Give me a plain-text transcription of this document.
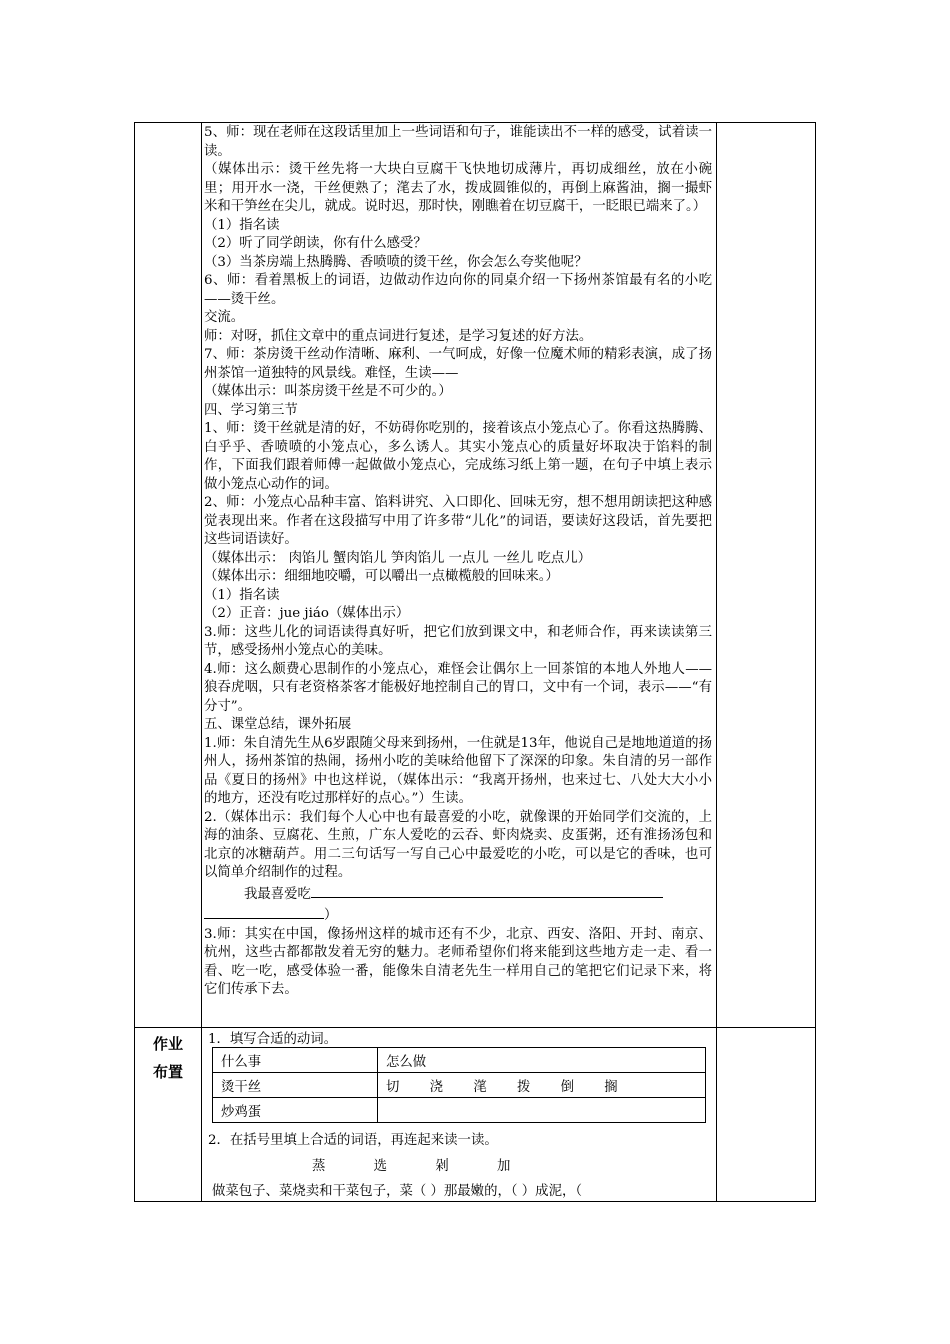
5、师：现在老师在这段话里加上一些词语和句子，谁能读出不一样的感受，试着读一读。

（媒体出示：烫干丝先将一大块白豆腐干飞快地切成薄片，再切成细丝，放在小碗里；用开水一浇，干丝便熟了；滗去了水，拨成圆锥似的，再倒上麻酱油，搁一撮虾米和干笋丝在尖儿，就成。说时迟，那时快，刚瞧着在切豆腐干，一眨眼已端来了。）

（1）指名读

（2）听了同学朗读，你有什么感受？

（3）当茶房端上热腾腾、香喷喷的烫干丝，你会怎么夸奖他呢？

6、师：看着黑板上的词语，边做动作边向你的同桌介绍一下扬州茶馆最有名的小吃——烫干丝。

交流。

师：对呀，抓住文章中的重点词进行复述，是学习复述的好方法。

7、师：茶房烫干丝动作清晰、麻利、一气呵成，好像一位魔术师的精彩表演，成了扬州茶馆一道独特的风景线。难怪，生读——

（媒体出示：叫茶房烫干丝是不可少的。）

四、学习第三节

1、师：烫干丝就是清的好，不妨碍你吃别的，接着该点小笼点心了。你看这热腾腾、白乎乎、香喷喷的小笼点心，多么诱人。其实小笼点心的质量好坏取决于馅料的制作，下面我们跟着师傅一起做做小笼点心，完成练习纸上第一题，在句子中填上表示做小笼点心动作的词。

2、师：小笼点心品种丰富、馅料讲究、入口即化、回味无穷，想不想用朗读把这种感觉表现出来。作者在这段描写中用了许多带“儿化”的词语，要读好这段话，首先要把这些词语读好。

（媒体出示： 肉馅儿 蟹肉馅儿 笋肉馅儿 一点儿 一丝儿 吃点儿）

（媒体出示：细细地咬嚼，可以嚼出一点橄榄般的回味来。）

（1）指名读

（2）正音：jue jiáo（媒体出示）

3.师：这些儿化的词语读得真好听，把它们放到课文中，和老师合作，再来读读第三节，感受扬州小笼点心的美味。

4.师：这么颇费心思制作的小笼点心，难怪会让偶尔上一回茶馆的本地人外地人——狼吞虎咽，只有老资格茶客才能极好地控制自己的胃口，文中有一个词，表示——“有分寸”。

五、课堂总结，课外拓展

1.师：朱自清先生从6岁跟随父母来到扬州，一住就是13年，他说自己是地地道道的扬州人，扬州茶馆的热闹，扬州小吃的美味给他留下了深深的印象。朱自清的另一部作品《夏日的扬州》中也这样说，（媒体出示：“我离开扬州，也来过七、八处大大小小的地方，还没有吃过那样好的点心。”）生读。

2.（媒体出示：我们每个人心中也有最喜爱的小吃，就像课的开始同学们交流的，上海的油条、豆腐花、生煎，广东人爱吃的云吞、虾肉烧卖、皮蛋粥，还有淮扬汤包和北京的冰糖葫芦。用二三句话写一写自己心中最爱吃的小吃，可以是它的香味，也可以简单介绍制作的过程。

我最喜爱吃

）

3.师：其实在中国，像扬州这样的城市还有不少，北京、西安、洛阳、开封、南京、杭州，这些古都都散发着无穷的魅力。老师希望你们将来能到这些地方走一走、看一看、吃一吃，感受体验一番，能像朱自清老先生一样用自己的笔把它们记录下来，将它们传承下去。

作业
布置
1．填写合适的动词。
什么事	怎么做
烫干丝	切 浇 滗 拨 倒 搁
炒鸡蛋	
2．在括号里填上合适的词语，再连起来读一读。
蒸	选	剁	加
做菜包子、菜烧卖和干菜包子，菜（ ）那最嫩的，（ ）成泥，（
